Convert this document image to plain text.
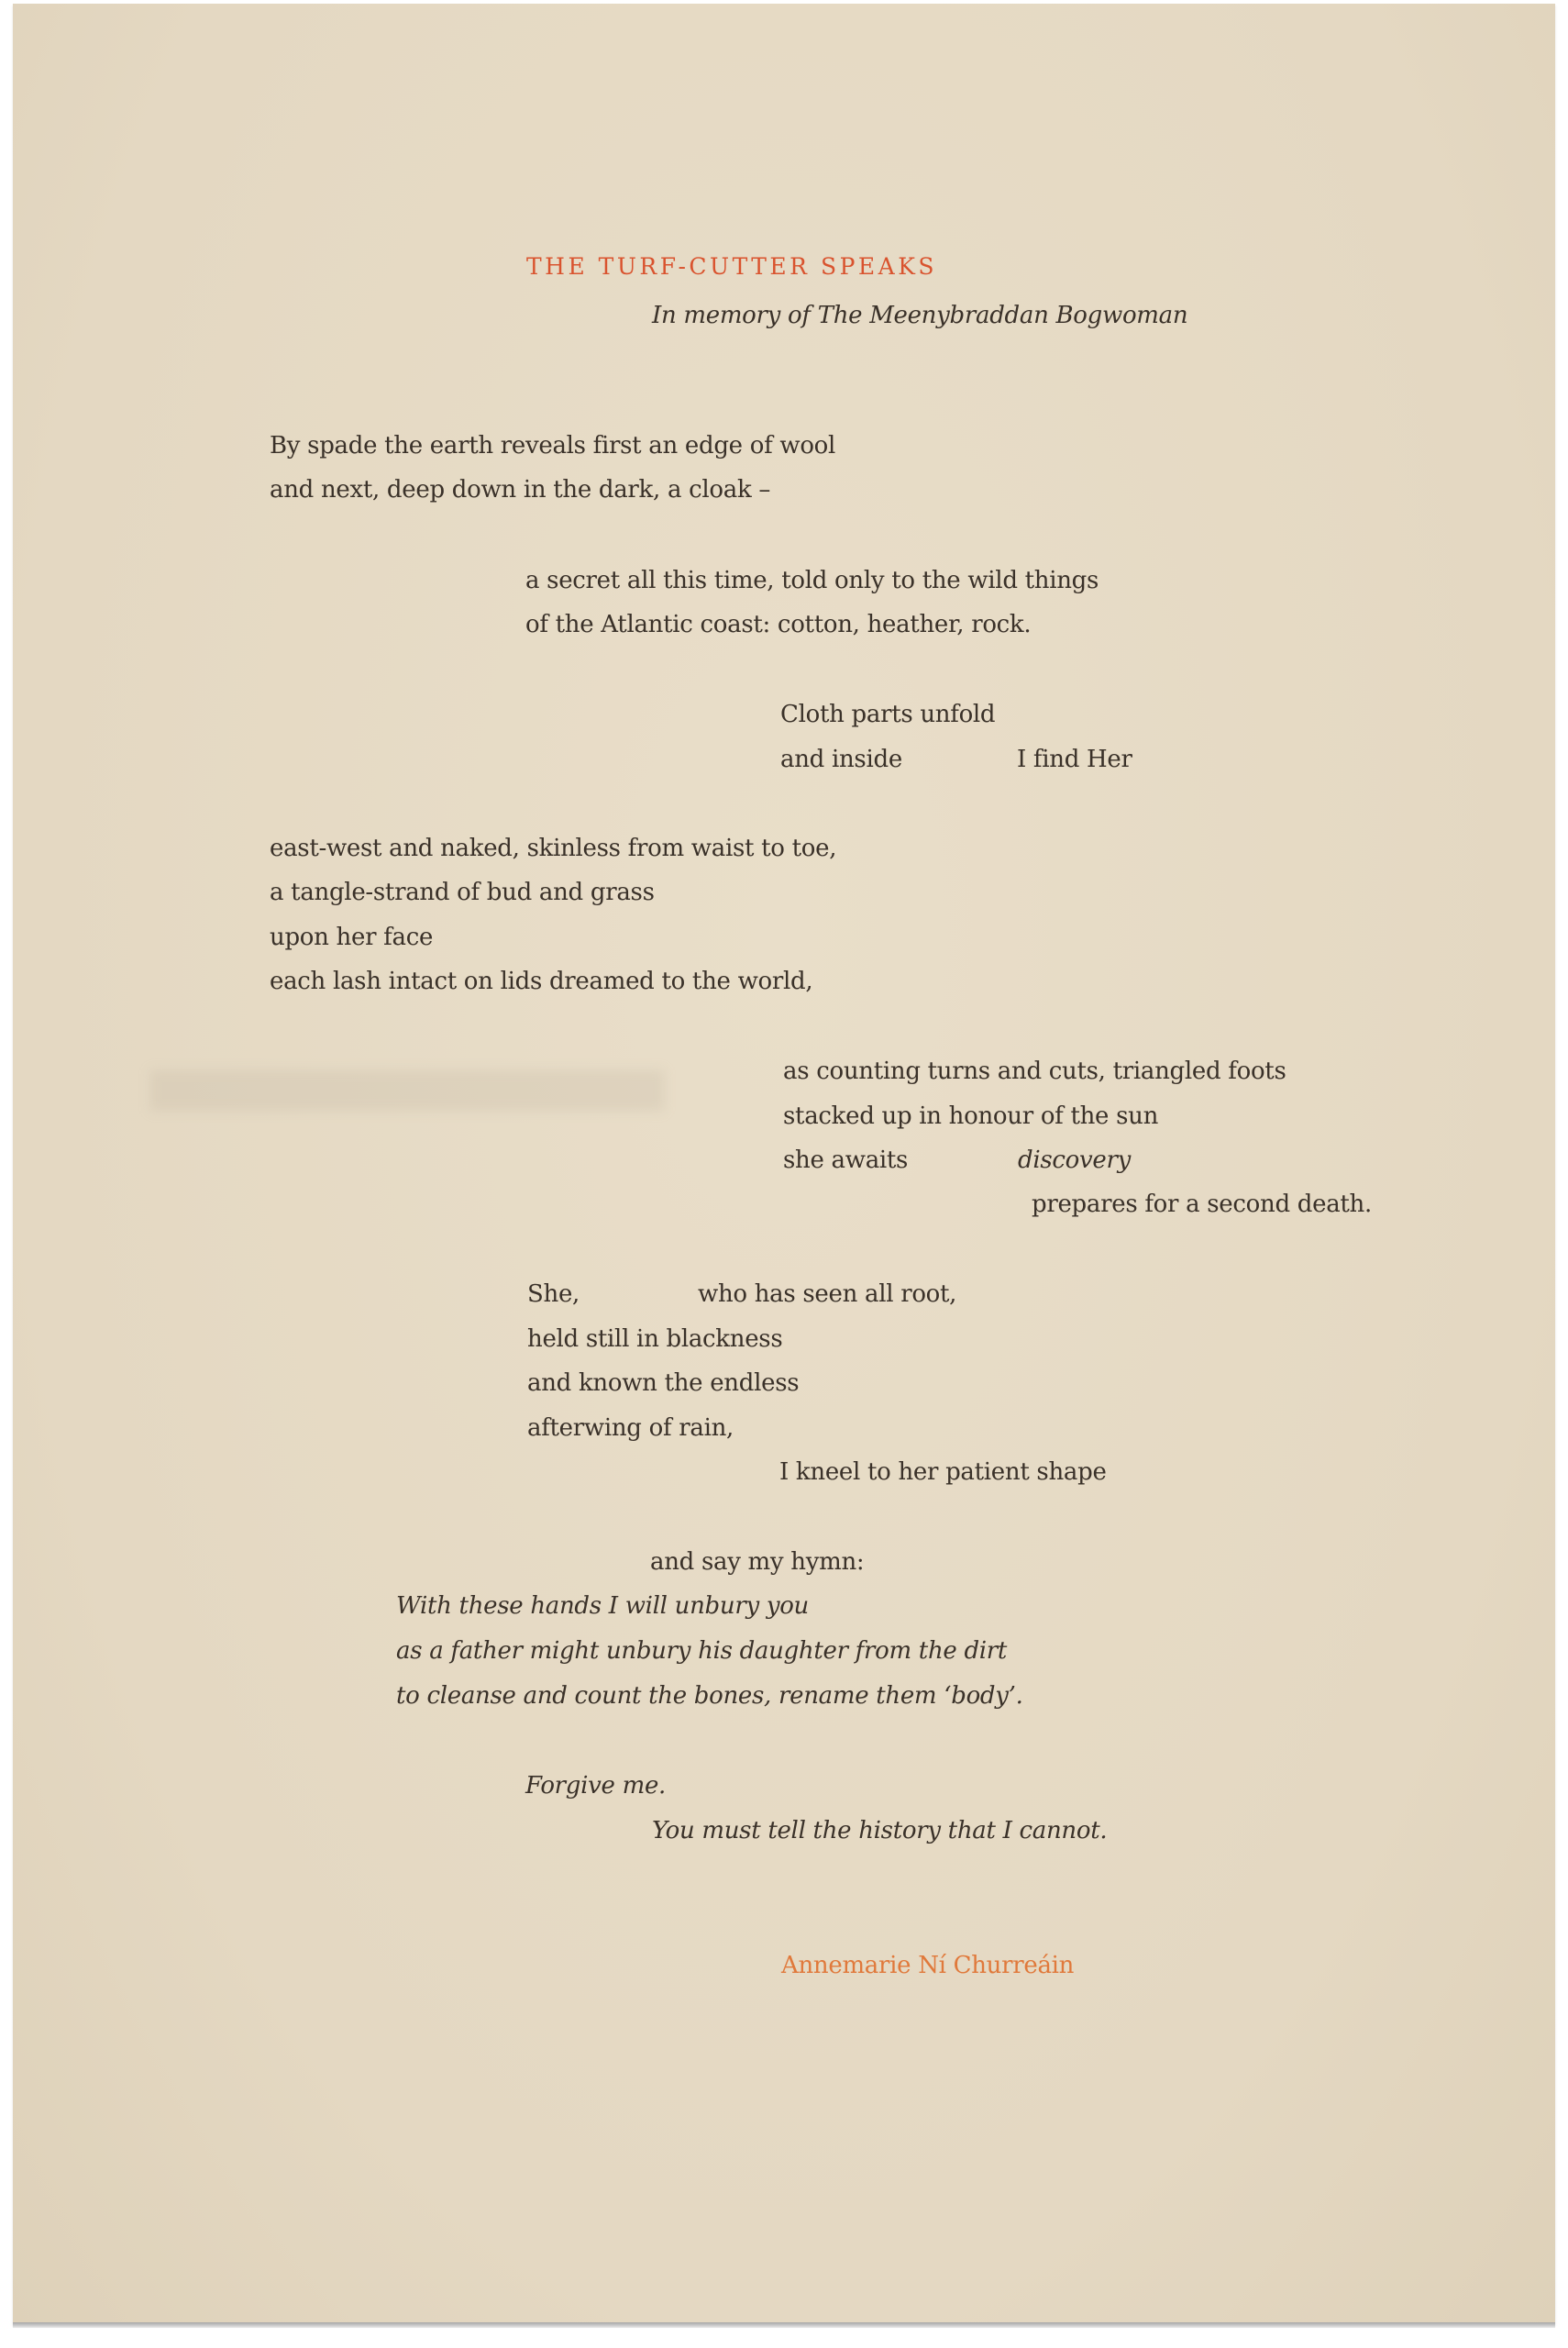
THE TURF-CUTTER SPEAKS
In memory of The Meenybraddan Bogwoman
By spade the earth reveals first an edge of wool
and next, deep down in the dark, a cloak –
a secret all this time, told only to the wild things
of the Atlantic coast: cotton, heather, rock.
Cloth parts unfold
and inside	I find Her
east-west and naked, skinless from waist to toe,
a tangle-strand of bud and grass
upon her face
each lash intact on lids dreamed to the world,
as counting turns and cuts, triangled foots
stacked up in honour of the sun
she awaits	discovery
prepares for a second death.
She,	who has seen all root,
held still in blackness
and known the endless
afterwing of rain,
I kneel to her patient shape
and say my hymn:
With these hands I will unbury you
as a father might unbury his daughter from the dirt
to cleanse and count the bones, rename them ‘body’.
Forgive me.
You must tell the history that I cannot.
Annemarie Ní Churreáin
